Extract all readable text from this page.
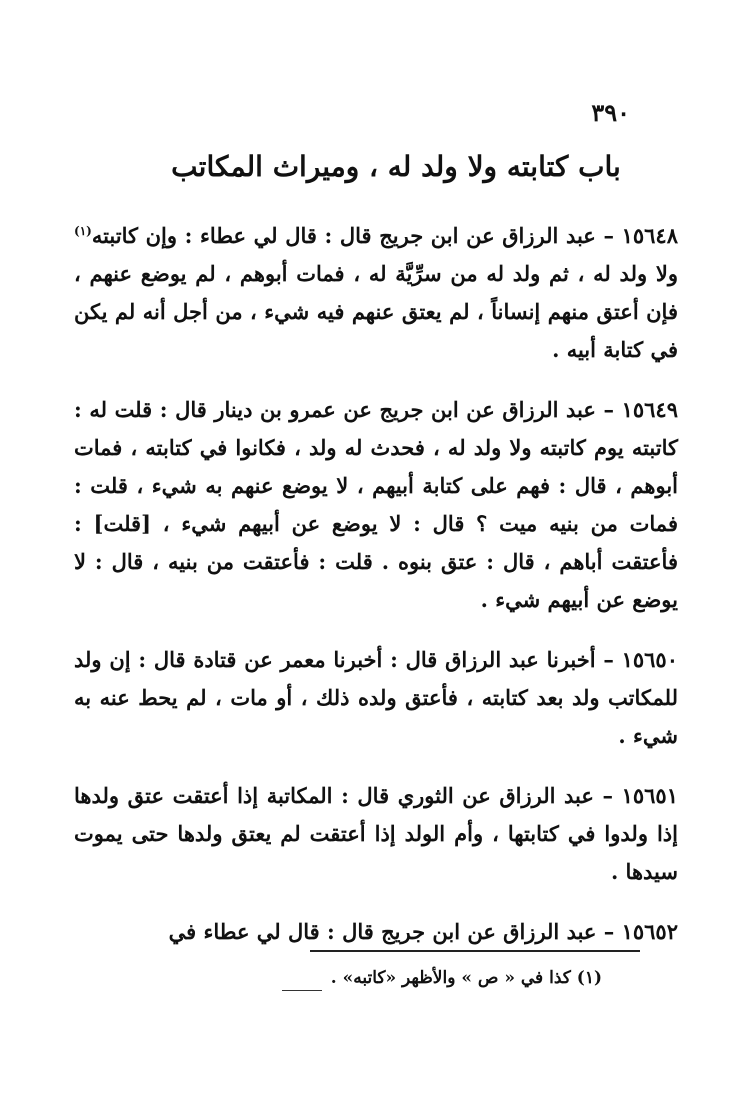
٣٩٠
باب كتابته ولا ولد له ، وميراث المكاتب

١٥٦٤٨ – عبد الرزاق عن ابن جريج قال : قال لي عطاء : وإن كاتبته$^{(١)}$ ولا ولد له ، ثم ولد له من سرِّيَّة له ، فمات أبوهم ، لم يوضع عنهم ، فإن أعتق منهم إنساناً ، لم يعتق عنهم فيه شيء ، من أجل أنه لم يكن في كتابة أبيه .

١٥٦٤٩ – عبد الرزاق عن ابن جريج عن عمرو بن دينار قال : قلت له : كاتبته يوم كاتبته ولا ولد له ، فحدث له ولد ، فكانوا في كتابته ، فمات أبوهم ، قال : فهم على كتابة أبيهم ، لا يوضع عنهم به شيء ، قلت : فمات من بنيه ميت ؟ قال : لا يوضع عن أبيهم شيء ، [قلت] : فأعتقت أباهم ، قال : عتق بنوه . قلت : فأعتقت من بنيه ، قال : لا يوضع عن أبيهم شيء .

١٥٦٥٠ – أخبرنا عبد الرزاق قال : أخبرنا معمر عن قتادة قال : إن ولد للمكاتب ولد بعد كتابته ، فأعتق ولده ذلك ، أو مات ، لم يحط عنه به شيء .

١٥٦٥١ – عبد الرزاق عن الثوري قال : المكاتبة إذا أعتقت عتق ولدها إذا ولدوا في كتابتها ، وأم الولد إذا أعتقت لم يعتق ولدها حتى يموت سيدها .

١٥٦٥٢ – عبد الرزاق عن ابن جريج قال : قال لي عطاء في

(١) كذا في « ص » والأظهر «كاتبه» .
